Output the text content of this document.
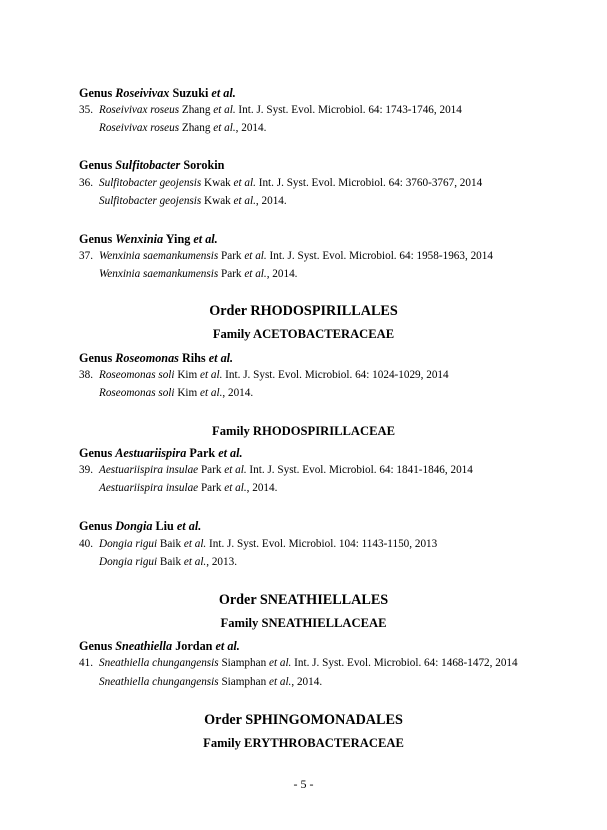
Genus Roseivivax Suzuki et al.
35. Roseivivax roseus Zhang et al. Int. J. Syst. Evol. Microbiol. 64: 1743-1746, 2014
Roseivivax roseus Zhang et al., 2014.
Genus Sulfitobacter Sorokin
36. Sulfitobacter geojensis Kwak et al. Int. J. Syst. Evol. Microbiol. 64: 3760-3767, 2014
Sulfitobacter geojensis Kwak et al., 2014.
Genus Wenxinia Ying et al.
37. Wenxinia saemankumensis Park et al. Int. J. Syst. Evol. Microbiol. 64: 1958-1963, 2014
Wenxinia saemankumensis Park et al., 2014.
Order RHODOSPIRILLALES
Family ACETOBACTERACEAE
Genus Roseomonas Rihs et al.
38. Roseomonas soli Kim et al. Int. J. Syst. Evol. Microbiol. 64: 1024-1029, 2014
Roseomonas soli Kim et al., 2014.
Family RHODOSPIRILLACEAE
Genus Aestuariispira Park et al.
39. Aestuariispira insulae Park et al. Int. J. Syst. Evol. Microbiol. 64: 1841-1846, 2014
Aestuariispira insulae Park et al., 2014.
Genus Dongia Liu et al.
40. Dongia rigui Baik et al. Int. J. Syst. Evol. Microbiol. 104: 1143-1150, 2013
Dongia rigui Baik et al., 2013.
Order SNEATHIELLALES
Family SNEATHIELLACEAE
Genus Sneathiella Jordan et al.
41. Sneathiella chungangensis Siamphan et al. Int. J. Syst. Evol. Microbiol. 64: 1468-1472, 2014
Sneathiella chungangensis Siamphan et al., 2014.
Order SPHINGOMONADALES
Family ERYTHROBACTERACEAE
- 5 -
